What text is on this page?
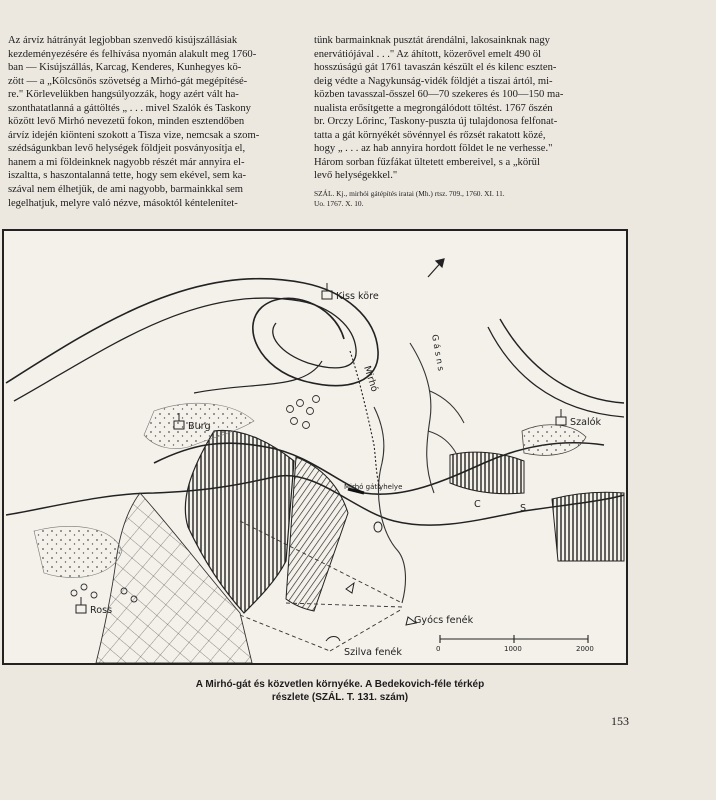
Az árvíz hátrányát legjobban szenvedő kisújszállásiak
kezdeményezésére és felhívása nyomán alakult meg 1760-
ban — Kisújszállás, Karcag, Kenderes, Kunhegyes kö-
zött — a „Kölcsönös szövetség a Mirhó-gát megépítésé-
re." Körlevelükben hangsúlyozzák, hogy azért vált ha-
szonthatatlanná a gáttöltés „ . . . mivel Szalók és Taskony
között levő Mirhó nevezetű fokon, minden esztendőben
árvíz idején kiönteni szokott a Tisza vize, nemcsak a szom-
szédságunkban levő helységek földjeit posványosítja el,
hanem a mi földeinknek nagyobb részét már annyira el-
iszaltta, s haszontalanná tette, hogy sem ekével, sem ka-
szával nem élhetjük, de ami nagyobb, barmainkkal sem
legelhatjuk, melyre való nézve, másoktól kéntelenítet-

tünk barmainknak pusztát árendálni, lakosainknak nagy
enervátiójával . . ." Az áhított, közerővel emelt 490 öl
hosszúságú gát 1761 tavaszán készült el és kilenc eszten-
deig védte a Nagykunság-vidék földjét a tiszai ártól, mi-
közben tavasszal-ősszel 60—70 szekeres és 100—150 ma-
nualista erősítgette a megrongálódott töltést. 1767 őszén
br. Orczy Lőrinc, Taskony-puszta új tulajdonosa felfonat-
tatta a gát környékét sövénnyel és rőzsét rakatott közé,
hogy „ . . . az hab annyira hordott földet le ne verhesse."
Három sorban fűzfákat ültetett embereivel, s a „körül
levő helységekkel."

SZÁL. Kj., mirhói gátépítés iratai (Mh.) rtsz. 709., 1760. XI. 11.
Uo. 1767. X. 10.
Kiss köre
Burg	Szalók
Ross
Mirhó
Mirhó gátlyhelye
Gyócs fenék
Szilva fenék
C	S
G á s n s
0	1000	2000
A Mirhó-gát és közvetlen környéke. A Bedekovich-féle térkép
részlete (SZÁL. T. 131. szám)
153
